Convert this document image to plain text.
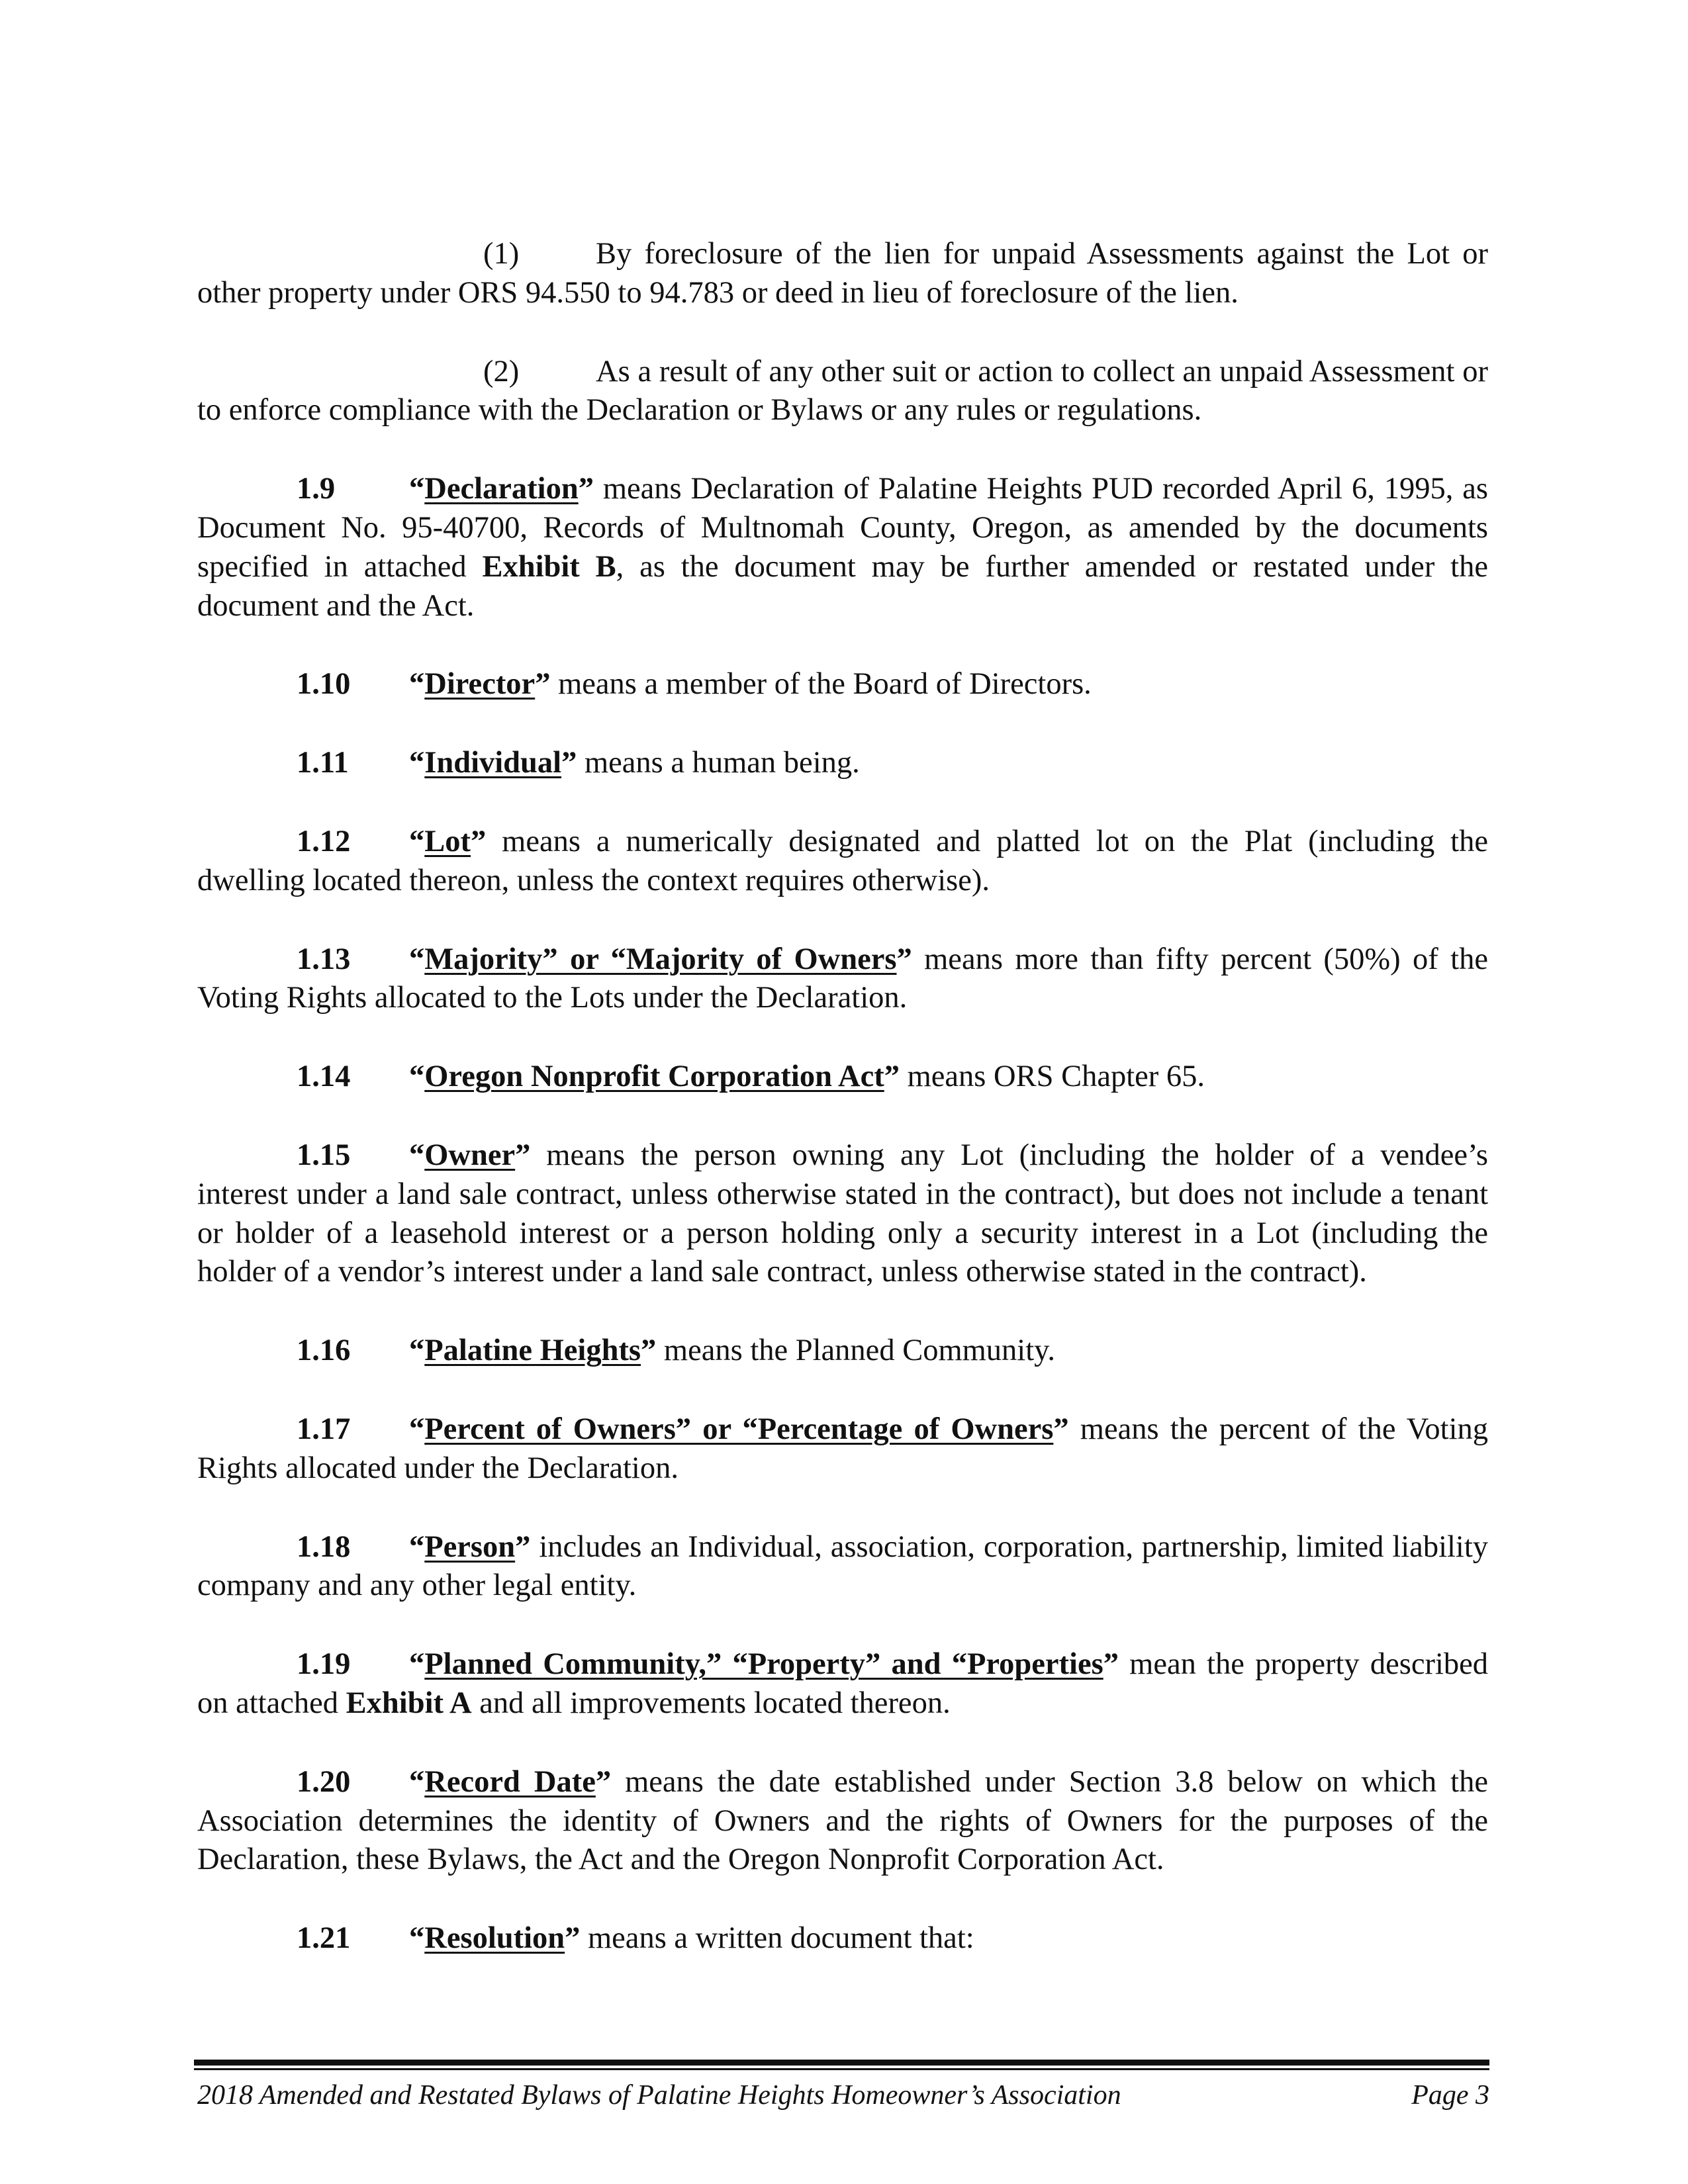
(1) By foreclosure of the lien for unpaid Assessments against the Lot or other property under ORS 94.550 to 94.783 or deed in lieu of foreclosure of the lien.

(2) As a result of any other suit or action to collect an unpaid Assessment or to enforce compliance with the Declaration or Bylaws or any rules or regulations.

1.9 “Declaration” means Declaration of Palatine Heights PUD recorded April 6, 1995, as Document No. 95-40700, Records of Multnomah County, Oregon, as amended by the documents specified in attached Exhibit B, as the document may be further amended or restated under the document and the Act.

1.10 “Director” means a member of the Board of Directors.

1.11 “Individual” means a human being.

1.12 “Lot” means a numerically designated and platted lot on the Plat (including the dwelling located thereon, unless the context requires otherwise).

1.13 “Majority” or “Majority of Owners” means more than fifty percent (50%) of the Voting Rights allocated to the Lots under the Declaration.

1.14 “Oregon Nonprofit Corporation Act” means ORS Chapter 65.

1.15 “Owner” means the person owning any Lot (including the holder of a vendee’s interest under a land sale contract, unless otherwise stated in the contract), but does not include a tenant or holder of a leasehold interest or a person holding only a security interest in a Lot (including the holder of a vendor’s interest under a land sale contract, unless otherwise stated in the contract).

1.16 “Palatine Heights” means the Planned Community.

1.17 “Percent of Owners” or “Percentage of Owners” means the percent of the Voting Rights allocated under the Declaration.

1.18 “Person” includes an Individual, association, corporation, partnership, limited liability company and any other legal entity.

1.19 “Planned Community,” “Property” and “Properties” mean the property described on attached Exhibit A and all improvements located thereon.

1.20 “Record Date” means the date established under Section 3.8 below on which the Association determines the identity of Owners and the rights of Owners for the purposes of the Declaration, these Bylaws, the Act and the Oregon Nonprofit Corporation Act.

1.21 “Resolution” means a written document that:

2018 Amended and Restated Bylaws of Palatine Heights Homeowner’s Association	Page 3
